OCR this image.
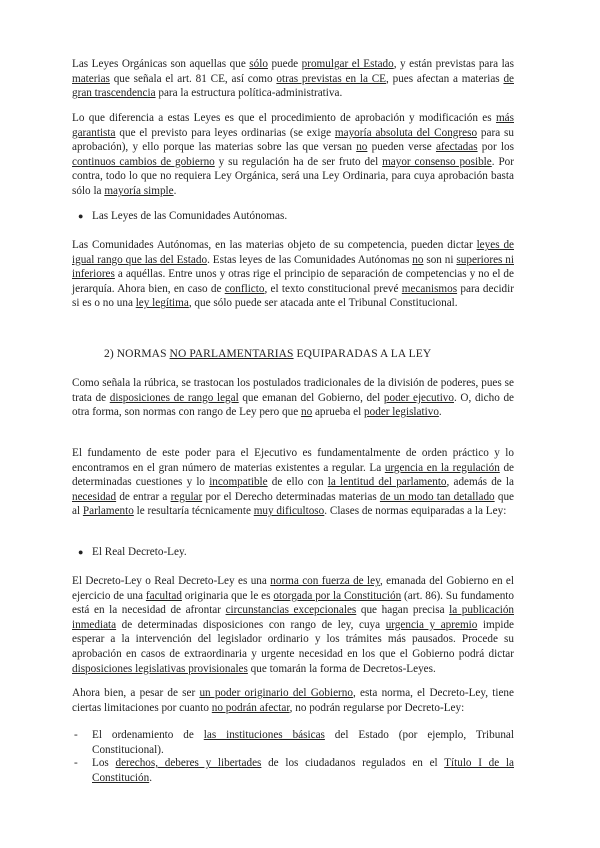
Las Leyes Orgánicas son aquellas que sólo puede promulgar el Estado, y están previstas para las materias que señala el art. 81 CE, así como otras previstas en la CE, pues afectan a materias de gran trascendencia para la estructura política-administrativa.

Lo que diferencia a estas Leyes es que el procedimiento de aprobación y modificación es más garantista que el previsto para leyes ordinarias (se exige mayoría absoluta del Congreso para su aprobación), y ello porque las materias sobre las que versan no pueden verse afectadas por los continuos cambios de gobierno y su regulación ha de ser fruto del mayor consenso posible. Por contra, todo lo que no requiera Ley Orgánica, será una Ley Ordinaria, para cuya aprobación basta sólo la mayoría simple.

● Las Leyes de las Comunidades Autónomas.

Las Comunidades Autónomas, en las materias objeto de su competencia, pueden dictar leyes de igual rango que las del Estado. Estas leyes de las Comunidades Autónomas no son ni superiores ni inferiores a aquéllas. Entre unos y otras rige el principio de separación de competencias y no el de jerarquía. Ahora bien, en caso de conflicto, el texto constitucional prevé mecanismos para decidir si es o no una ley legítima, que sólo puede ser atacada ante el Tribunal Constitucional.

2) NORMAS NO PARLAMENTARIAS EQUIPARADAS A LA LEY

Como señala la rúbrica, se trastocan los postulados tradicionales de la división de poderes, pues se trata de disposiciones de rango legal que emanan del Gobierno, del poder ejecutivo. O, dicho de otra forma, son normas con rango de Ley pero que no aprueba el poder legislativo.

El fundamento de este poder para el Ejecutivo es fundamentalmente de orden práctico y lo encontramos en el gran número de materias existentes a regular. La urgencia en la regulación de determinadas cuestiones y lo incompatible de ello con la lentitud del parlamento, además de la necesidad de entrar a regular por el Derecho determinadas materias de un modo tan detallado que al Parlamento le resultaría técnicamente muy dificultoso. Clases de normas equiparadas a la Ley:

● El Real Decreto-Ley.

El Decreto-Ley o Real Decreto-Ley es una norma con fuerza de ley, emanada del Gobierno en el ejercicio de una facultad originaria que le es otorgada por la Constitución (art. 86). Su fundamento está en la necesidad de afrontar circunstancias excepcionales que hagan precisa la publicación inmediata de determinadas disposiciones con rango de ley, cuya urgencia y apremio impide esperar a la intervención del legislador ordinario y los trámites más pausados. Procede su aprobación en casos de extraordinaria y urgente necesidad en los que el Gobierno podrá dictar disposiciones legislativas provisionales que tomarán la forma de Decretos-Leyes.

Ahora bien, a pesar de ser un poder originario del Gobierno, esta norma, el Decreto-Ley, tiene ciertas limitaciones por cuanto no podrán afectar, no podrán regularse por Decreto-Ley:

- El ordenamiento de las instituciones básicas del Estado (por ejemplo, Tribunal Constitucional).
- Los derechos, deberes y libertades de los ciudadanos regulados en el Título I de la Constitución.
